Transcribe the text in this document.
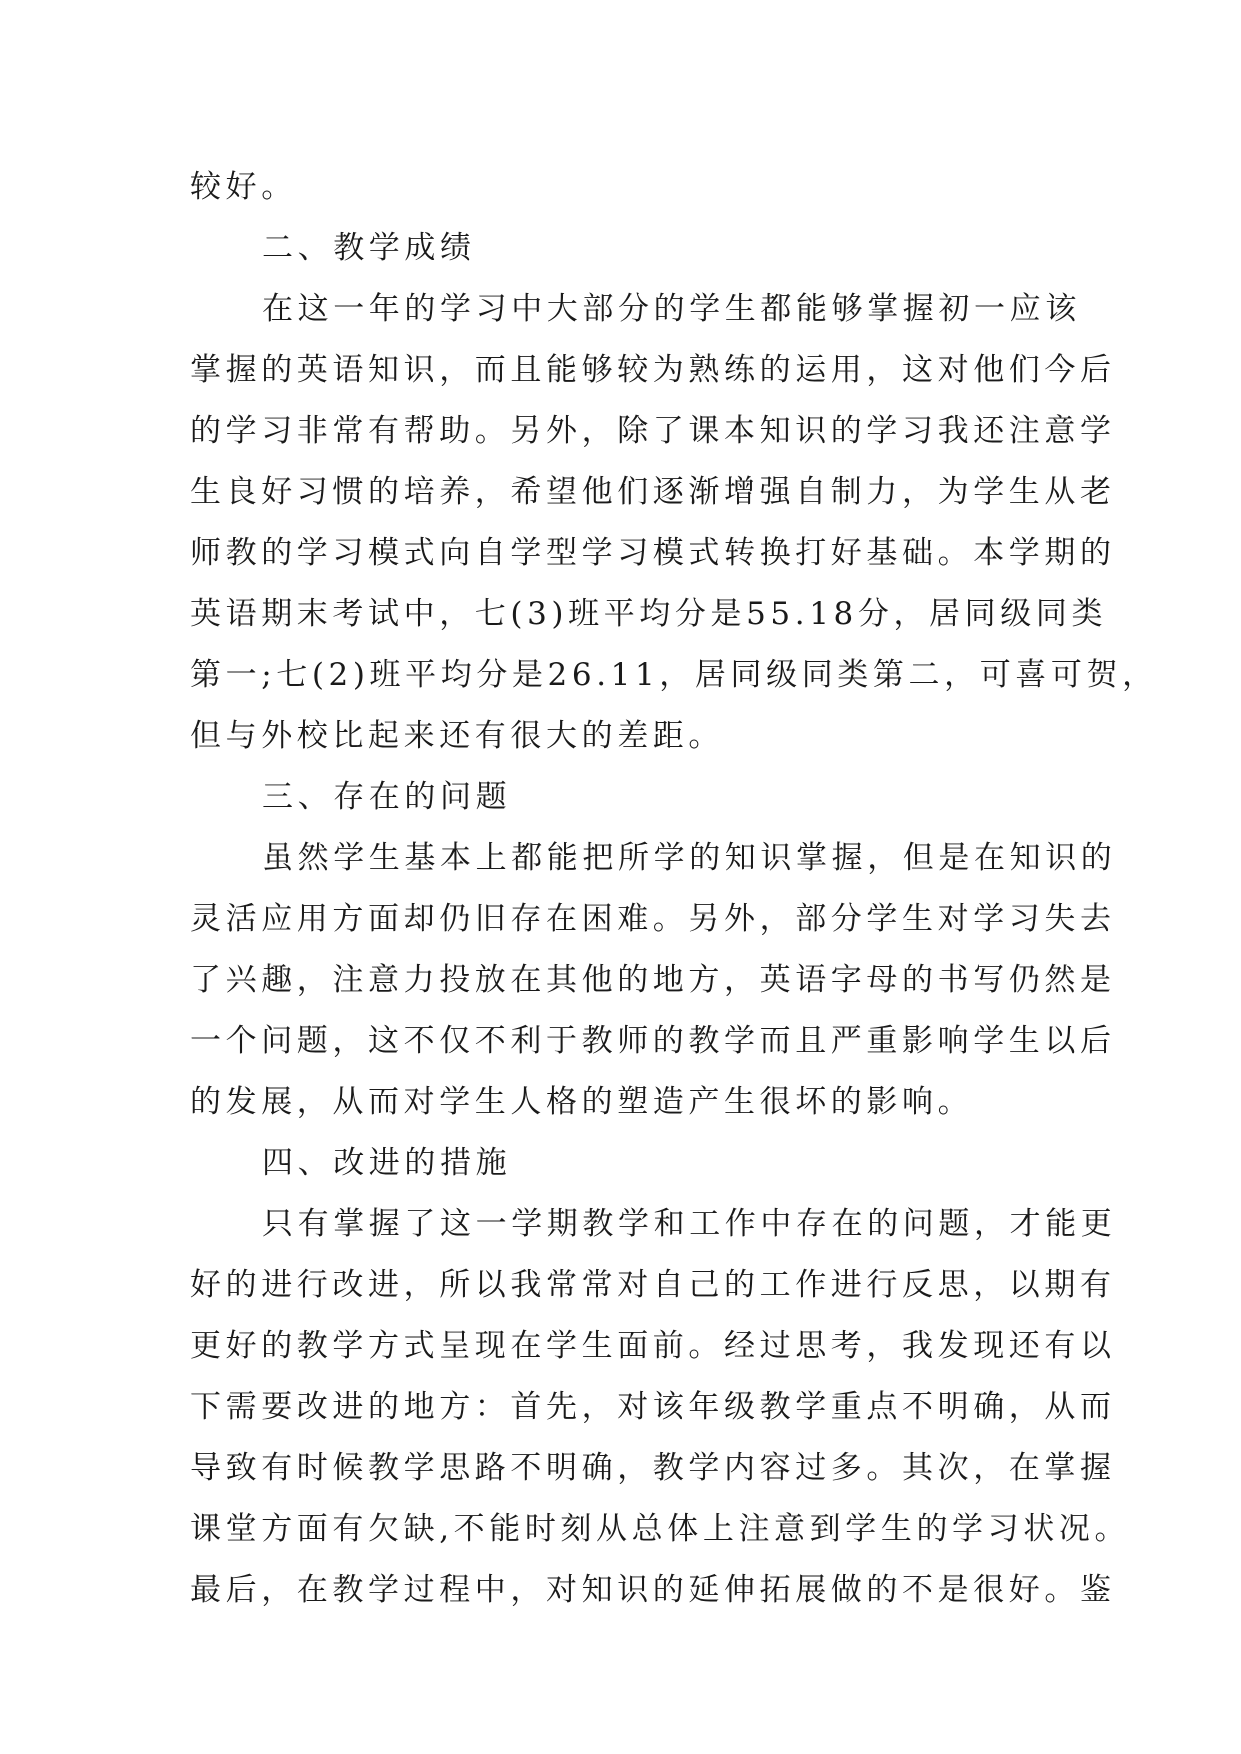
较好。
二、教学成绩
在这一年的学习中大部分的学生都能够掌握初一应该
掌握的英语知识，而且能够较为熟练的运用，这对他们今后
的学习非常有帮助。另外，除了课本知识的学习我还注意学
生良好习惯的培养，希望他们逐渐增强自制力，为学生从老
师教的学习模式向自学型学习模式转换打好基础。本学期的
英语期末考试中，七(3)班平均分是55.18分，居同级同类
第一;七(2)班平均分是26.11，居同级同类第二，可喜可贺，
但与外校比起来还有很大的差距。
三、存在的问题
虽然学生基本上都能把所学的知识掌握，但是在知识的
灵活应用方面却仍旧存在困难。另外，部分学生对学习失去
了兴趣，注意力投放在其他的地方，英语字母的书写仍然是
一个问题，这不仅不利于教师的教学而且严重影响学生以后
的发展，从而对学生人格的塑造产生很坏的影响。
四、改进的措施
只有掌握了这一学期教学和工作中存在的问题，才能更
好的进行改进，所以我常常对自己的工作进行反思，以期有
更好的教学方式呈现在学生面前。经过思考，我发现还有以
下需要改进的地方：首先，对该年级教学重点不明确，从而
导致有时候教学思路不明确，教学内容过多。其次，在掌握
课堂方面有欠缺,不能时刻从总体上注意到学生的学习状况。
最后，在教学过程中，对知识的延伸拓展做的不是很好。鉴
